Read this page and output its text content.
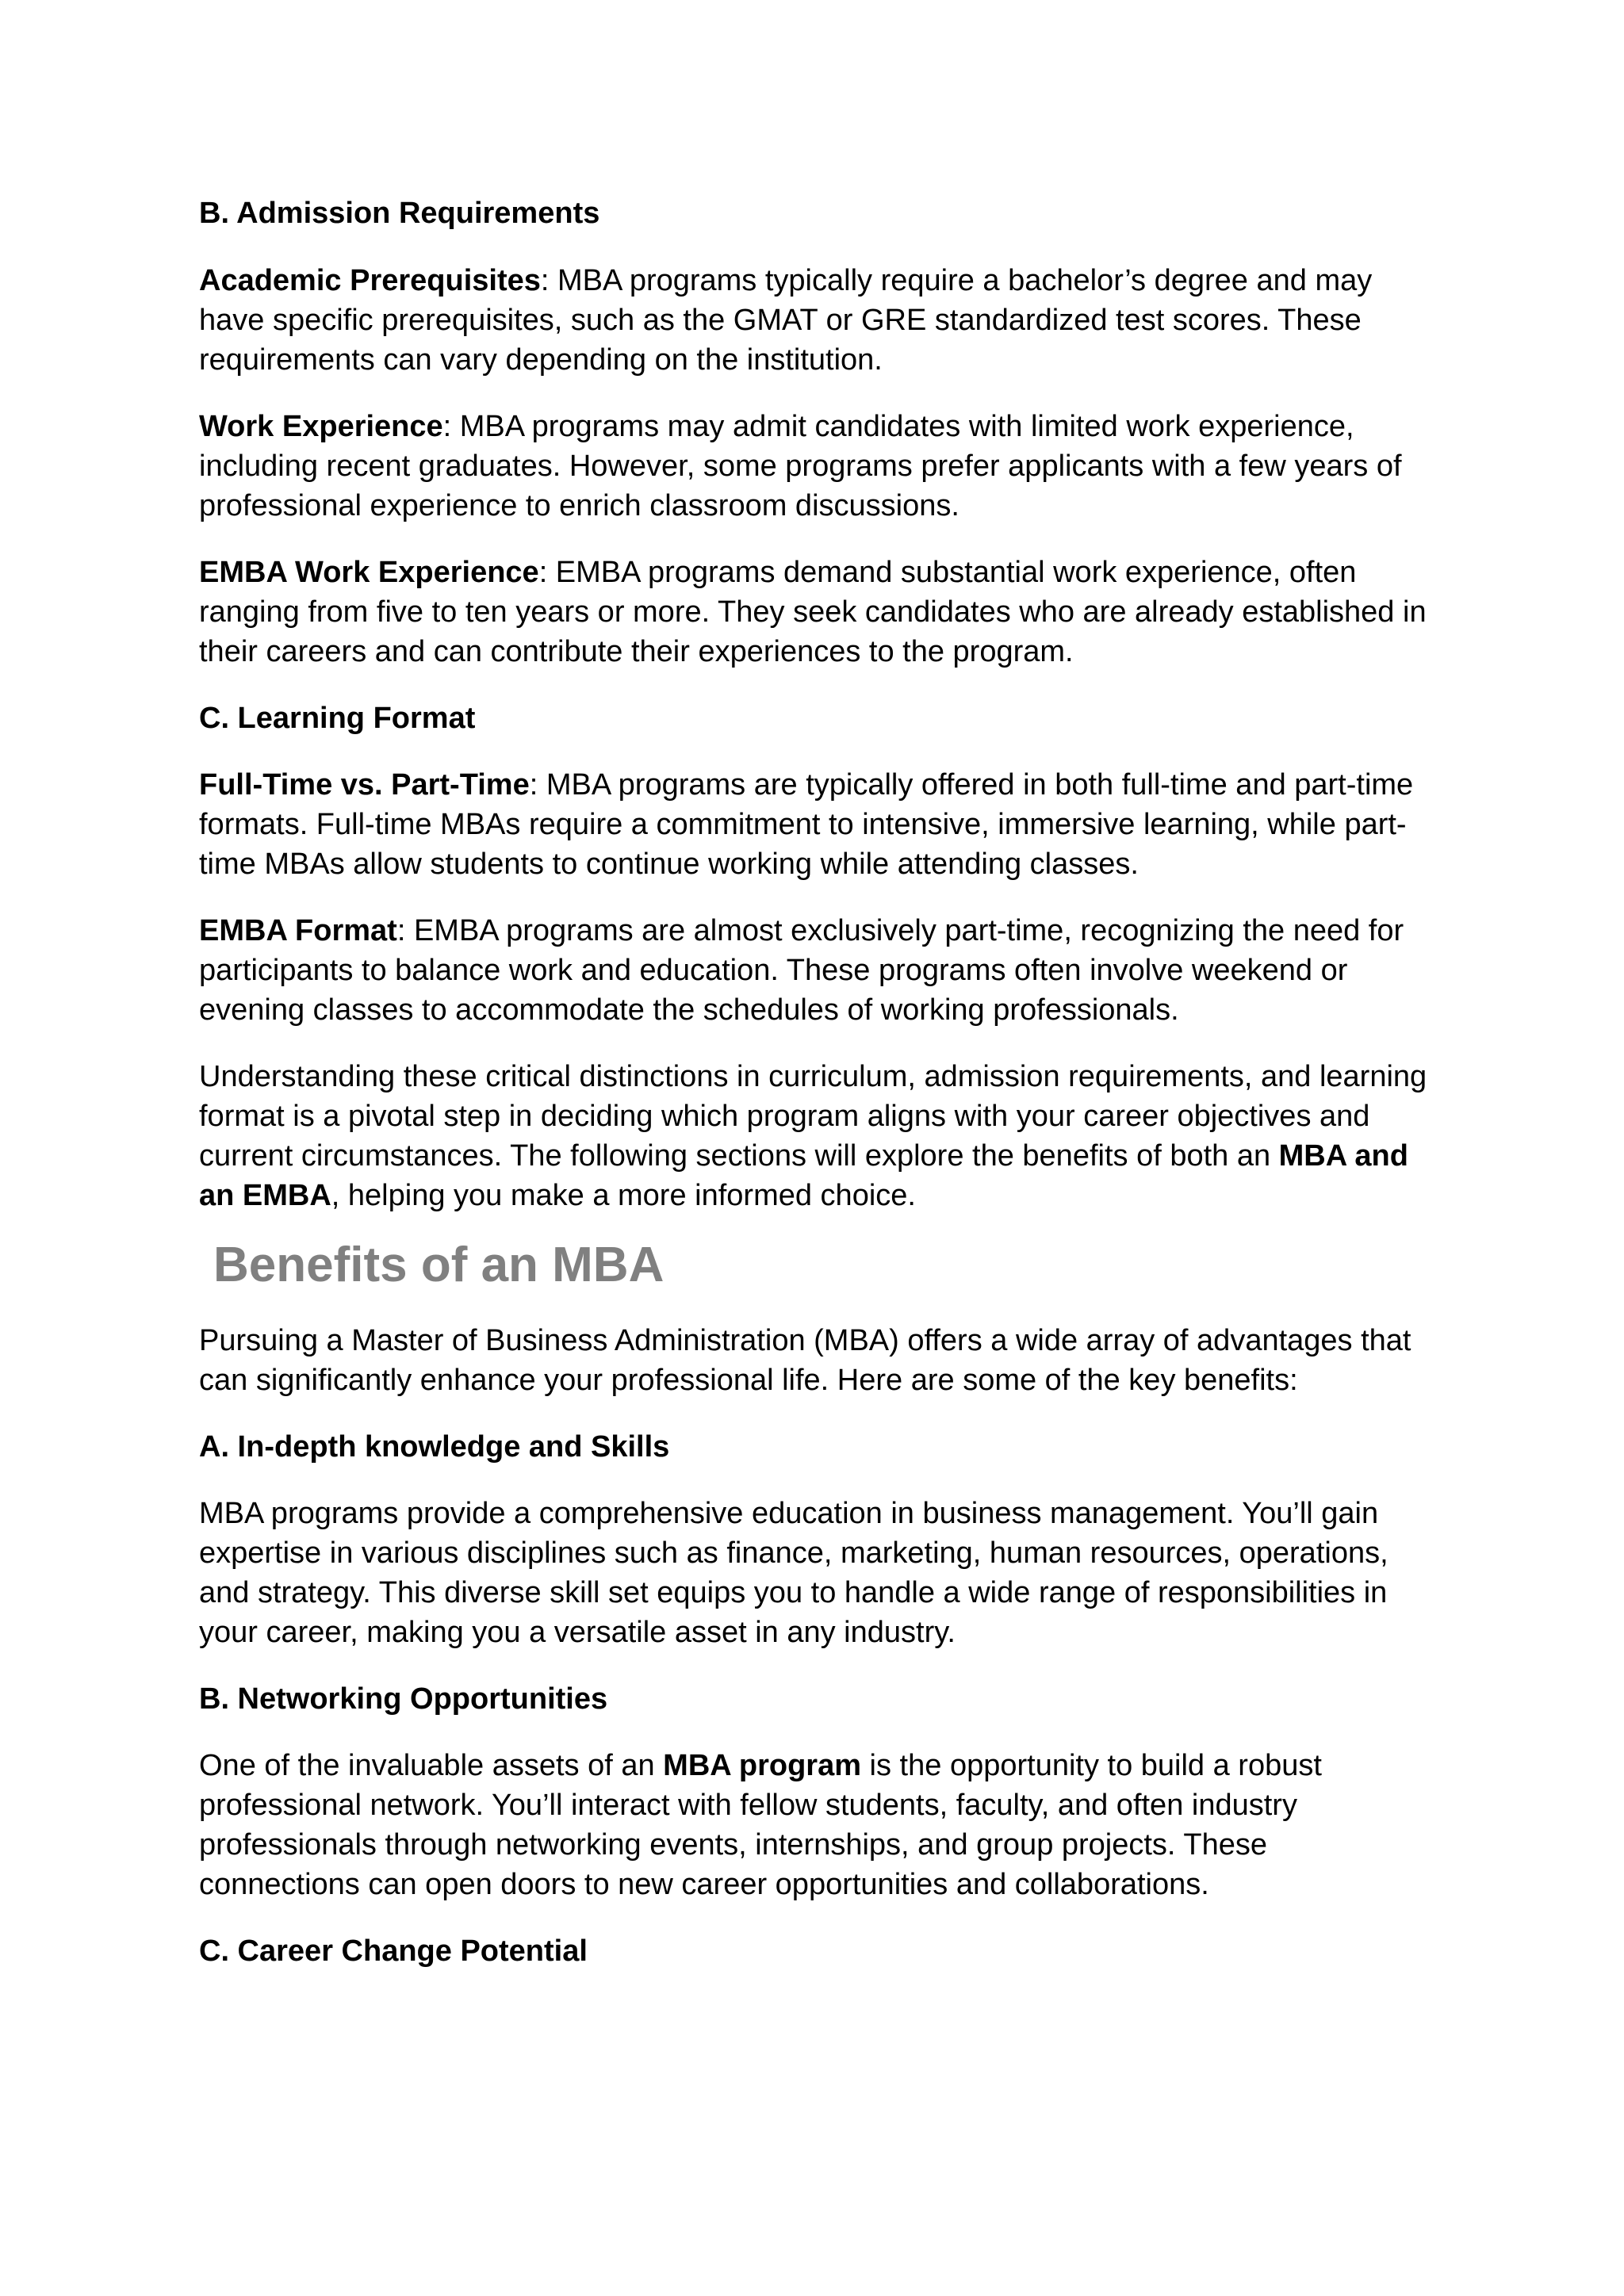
B. Admission Requirements

Academic Prerequisites: MBA programs typically require a bachelor’s degree and may have specific prerequisites, such as the GMAT or GRE standardized test scores. These requirements can vary depending on the institution.

Work Experience: MBA programs may admit candidates with limited work experience, including recent graduates. However, some programs prefer applicants with a few years of professional experience to enrich classroom discussions.

EMBA Work Experience: EMBA programs demand substantial work experience, often ranging from five to ten years or more. They seek candidates who are already established in their careers and can contribute their experiences to the program.

C. Learning Format

Full-Time vs. Part-Time: MBA programs are typically offered in both full-time and part-time formats. Full-time MBAs require a commitment to intensive, immersive learning, while part-time MBAs allow students to continue working while attending classes.

EMBA Format: EMBA programs are almost exclusively part-time, recognizing the need for participants to balance work and education. These programs often involve weekend or evening classes to accommodate the schedules of working professionals.

Understanding these critical distinctions in curriculum, admission requirements, and learning format is a pivotal step in deciding which program aligns with your career objectives and current circumstances. The following sections will explore the benefits of both an MBA and an EMBA, helping you make a more informed choice.

Benefits of an MBA

Pursuing a Master of Business Administration (MBA) offers a wide array of advantages that can significantly enhance your professional life. Here are some of the key benefits:

A. In-depth knowledge and Skills

MBA programs provide a comprehensive education in business management. You’ll gain expertise in various disciplines such as finance, marketing, human resources, operations, and strategy. This diverse skill set equips you to handle a wide range of responsibilities in your career, making you a versatile asset in any industry.

B. Networking Opportunities

One of the invaluable assets of an MBA program is the opportunity to build a robust professional network. You’ll interact with fellow students, faculty, and often industry professionals through networking events, internships, and group projects. These connections can open doors to new career opportunities and collaborations.

C. Career Change Potential
